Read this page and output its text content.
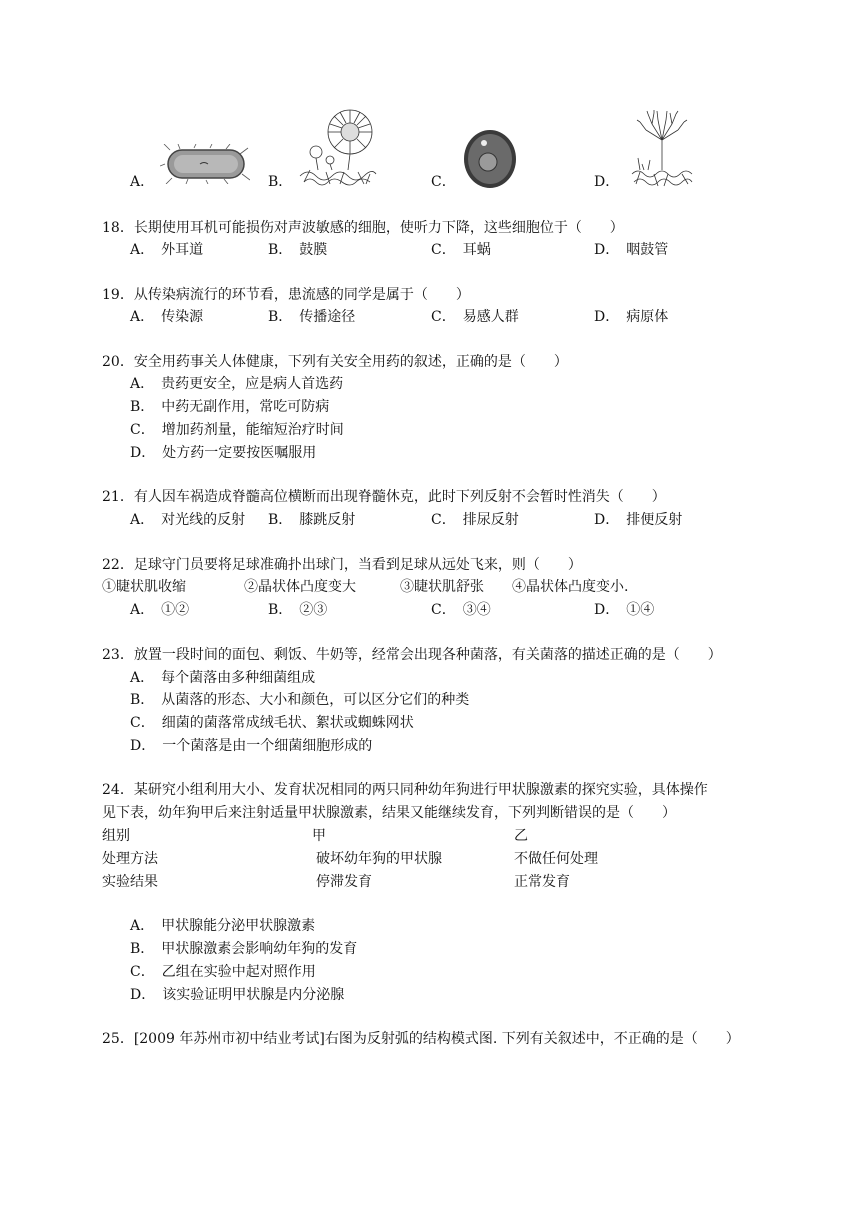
A．	B．	C．	D．
18．长期使用耳机可能损伤对声波敏感的细胞，使听力下降，这些细胞位于（　　）
A．　外耳道	B．　鼓膜	C．　耳蜗	D．　咽鼓管
19．从传染病流行的环节看，患流感的同学是属于（　　）
A．　传染源	B．　传播途径	C．　易感人群	D．　病原体
20．安全用药事关人体健康，下列有关安全用药的叙述，正确的是（　　）
A．　贵药更安全，应是病人首选药
B．　中药无副作用，常吃可防病
C．　增加药剂量，能缩短治疗时间
D．　处方药一定要按医嘱服用
21．有人因车祸造成脊髓高位横断而出现脊髓休克，此时下列反射不会暂时性消失（　　）
A．　对光线的反射 B．　膝跳反射	C．　排尿反射	D．　排便反射
22．足球守门员要将足球准确扑出球门，当看到足球从远处飞来，则（　　）
①睫状肌收缩	②晶状体凸度变大	③睫状肌舒张 ④晶状体凸度变小.
A．　①②	B．　②③	C．　③④	D．　①④
23．放置一段时间的面包、剩饭、牛奶等，经常会出现各种菌落，有关菌落的描述正确的是（　　）
A．　每个菌落由多种细菌组成
B．　从菌落的形态、大小和颜色，可以区分它们的种类
C．　细菌的菌落常成绒毛状、絮状或蜘蛛网状
D．　一个菌落是由一个细菌细胞形成的
24．某研究小组利用大小、发育状况相同的两只同种幼年狗进行甲状腺激素的探究实验，具体操作
见下表，幼年狗甲后来注射适量甲状腺激素，结果又能继续发育，下列判断错误的是（　　）
组别	甲	乙
处理方法	破坏幼年狗的甲状腺	不做任何处理
实验结果	停滞发育	正常发育
A．　甲状腺能分泌甲状腺激素
B．　甲状腺激素会影响幼年狗的发育
C．　乙组在实验中起对照作用
D．　该实验证明甲状腺是内分泌腺
25．[2009 年苏州市初中结业考试]右图为反射弧的结构模式图. 下列有关叙述中，不正确的是（　　）
